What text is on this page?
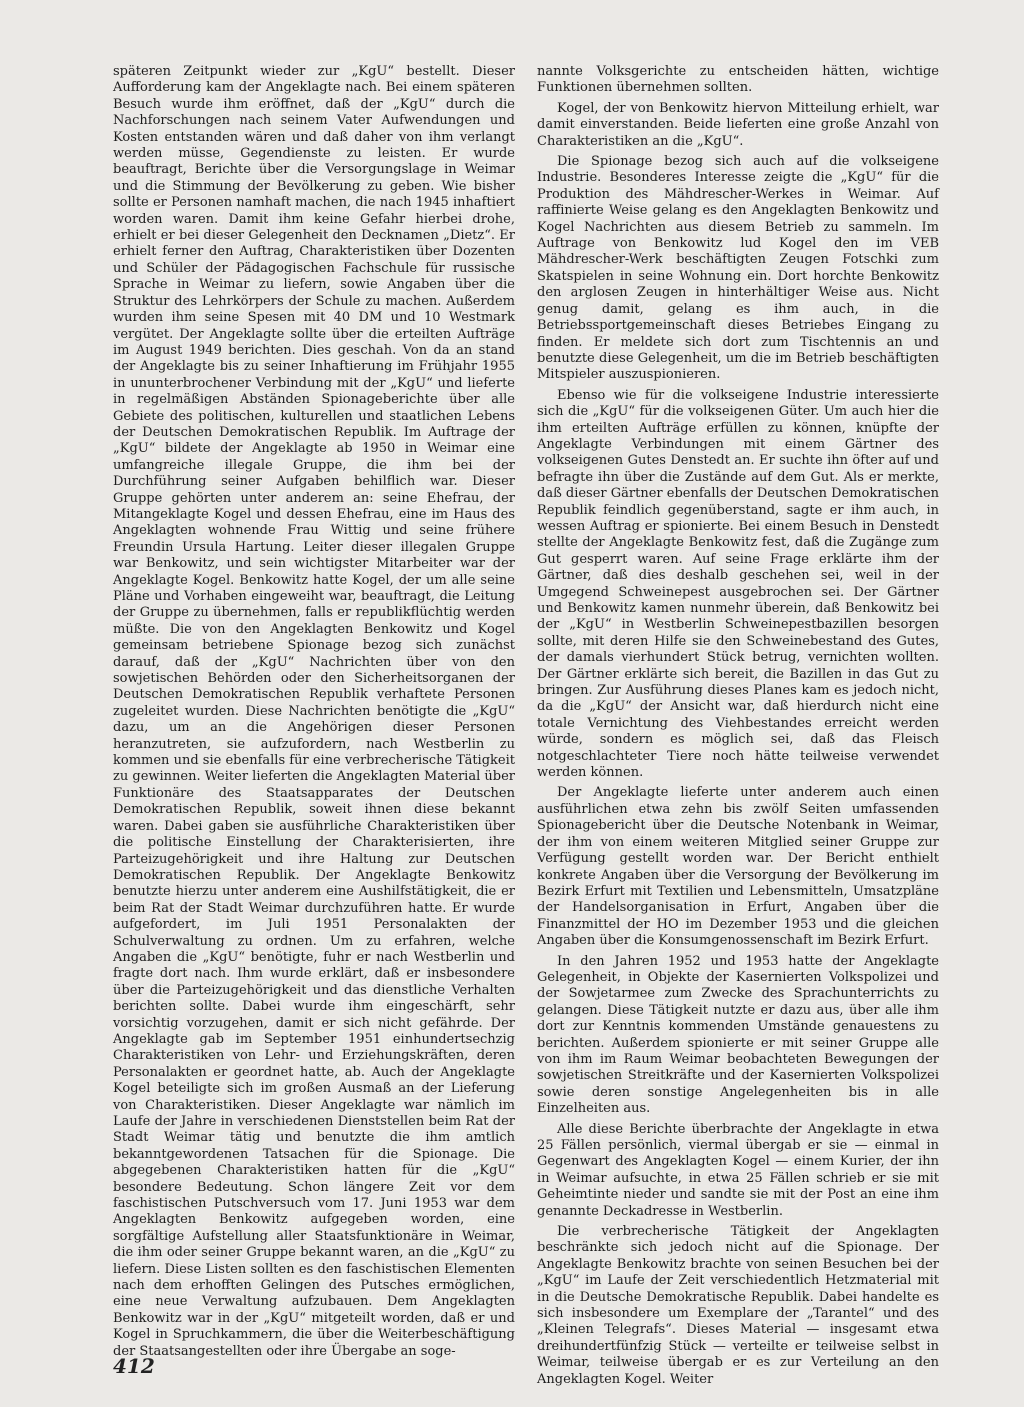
späteren Zeitpunkt wieder zur „KgU“ bestellt. Dieser Aufforderung kam der Angeklagte nach. Bei einem späteren Besuch wurde ihm eröffnet, daß der „KgU“ durch die Nachforschungen nach seinem Vater Aufwendungen und Kosten entstanden wären und daß daher von ihm verlangt werden müsse, Gegendienste zu leisten. Er wurde beauftragt, Berichte über die Versorgungslage in Weimar und die Stimmung der Bevölkerung zu geben. Wie bisher sollte er Personen namhaft machen, die nach 1945 inhaftiert worden waren. Damit ihm keine Gefahr hierbei drohe, erhielt er bei dieser Gelegenheit den Decknamen „Dietz“. Er erhielt ferner den Auftrag, Charakteristiken über Dozenten und Schüler der Pädagogischen Fachschule für russische Sprache in Weimar zu liefern, sowie Angaben über die Struktur des Lehrkörpers der Schule zu machen. Außerdem wurden ihm seine Spesen mit 40 DM und 10 Westmark vergütet. Der Angeklagte sollte über die erteilten Aufträge im August 1949 berichten. Dies geschah. Von da an stand der Angeklagte bis zu seiner Inhaftierung im Frühjahr 1955 in ununterbrochener Verbindung mit der „KgU“ und lieferte in regelmäßigen Abständen Spionageberichte über alle Gebiete des politischen, kulturellen und staatlichen Lebens der Deutschen Demokratischen Republik. Im Auftrage der „KgU“ bildete der Angeklagte ab 1950 in Weimar eine umfangreiche illegale Gruppe, die ihm bei der Durchführung seiner Aufgaben behilflich war. Dieser Gruppe gehörten unter anderem an: seine Ehefrau, der Mitangeklagte Kogel und dessen Ehefrau, eine im Haus des Angeklagten wohnende Frau Wittig und seine frühere Freundin Ursula Hartung. Leiter dieser illegalen Gruppe war Benkowitz, und sein wichtigster Mitarbeiter war der Angeklagte Kogel. Benkowitz hatte Kogel, der um alle seine Pläne und Vorhaben eingeweiht war, beauftragt, die Leitung der Gruppe zu übernehmen, falls er republikflüchtig werden müßte. Die von den Angeklagten Benkowitz und Kogel gemeinsam betriebene Spionage bezog sich zunächst darauf, daß der „KgU“ Nachrichten über von den sowjetischen Behörden oder den Sicherheitsorganen der Deutschen Demokratischen Republik verhaftete Personen zugeleitet wurden. Diese Nachrichten benötigte die „KgU“ dazu, um an die Angehörigen dieser Personen heranzutreten, sie aufzufordern, nach Westberlin zu kommen und sie ebenfalls für eine verbrecherische Tätigkeit zu gewinnen. Weiter lieferten die Angeklagten Material über Funktionäre des Staatsapparates der Deutschen Demokratischen Republik, soweit ihnen diese bekannt waren. Dabei gaben sie ausführliche Charakteristiken über die politische Einstellung der Charakterisierten, ihre Parteizugehörigkeit und ihre Haltung zur Deutschen Demokratischen Republik. Der Angeklagte Benkowitz benutzte hierzu unter anderem eine Aushilfstätigkeit, die er beim Rat der Stadt Weimar durchzuführen hatte. Er wurde aufgefordert, im Juli 1951 Personalakten der Schulverwaltung zu ordnen. Um zu erfahren, welche Angaben die „KgU“ benötigte, fuhr er nach Westberlin und fragte dort nach. Ihm wurde erklärt, daß er insbesondere über die Parteizugehörigkeit und das dienstliche Verhalten berichten sollte. Dabei wurde ihm eingeschärft, sehr vorsichtig vorzugehen, damit er sich nicht gefährde. Der Angeklagte gab im September 1951 einhundertsechzig Charakteristiken von Lehr- und Erziehungskräften, deren Personalakten er geordnet hatte, ab. Auch der Angeklagte Kogel beteiligte sich im großen Ausmaß an der Lieferung von Charakteristiken. Dieser Angeklagte war nämlich im Laufe der Jahre in verschiedenen Dienststellen beim Rat der Stadt Weimar tätig und benutzte die ihm amtlich bekanntgewordenen Tatsachen für die Spionage. Die abgegebenen Charakteristiken hatten für die „KgU“ besondere Bedeutung. Schon längere Zeit vor dem faschistischen Putschversuch vom 17. Juni 1953 war dem Angeklagten Benkowitz aufgegeben worden, eine sorgfältige Aufstellung aller Staatsfunktionäre in Weimar, die ihm oder seiner Gruppe bekannt waren, an die „KgU“ zu liefern. Diese Listen sollten es den faschistischen Elementen nach dem erhofften Gelingen des Putsches ermöglichen, eine neue Verwaltung aufzubauen. Dem Angeklagten Benkowitz war in der „KgU“ mitgeteilt worden, daß er und Kogel in Spruchkammern, die über die Weiterbeschäftigung der Staatsangestellten oder ihre Übergabe an soge-

nannte Volksgerichte zu entscheiden hätten, wichtige Funktionen übernehmen sollten.

Kogel, der von Benkowitz hiervon Mitteilung erhielt, war damit einverstanden. Beide lieferten eine große Anzahl von Charakteristiken an die „KgU“.

Die Spionage bezog sich auch auf die volkseigene Industrie. Besonderes Interesse zeigte die „KgU“ für die Produktion des Mähdrescher-Werkes in Weimar. Auf raffinierte Weise gelang es den Angeklagten Benkowitz und Kogel Nachrichten aus diesem Betrieb zu sammeln. Im Auftrage von Benkowitz lud Kogel den im VEB Mähdrescher-Werk beschäftigten Zeugen Fotschki zum Skatspielen in seine Wohnung ein. Dort horchte Benkowitz den arglosen Zeugen in hinterhältiger Weise aus. Nicht genug damit, gelang es ihm auch, in die Betriebssportgemeinschaft dieses Betriebes Eingang zu finden. Er meldete sich dort zum Tischtennis an und benutzte diese Gelegenheit, um die im Betrieb beschäftigten Mitspieler auszuspionieren.

Ebenso wie für die volkseigene Industrie interessierte sich die „KgU“ für die volkseigenen Güter. Um auch hier die ihm erteilten Aufträge erfüllen zu können, knüpfte der Angeklagte Verbindungen mit einem Gärtner des volkseigenen Gutes Denstedt an. Er suchte ihn öfter auf und befragte ihn über die Zustände auf dem Gut. Als er merkte, daß dieser Gärtner ebenfalls der Deutschen Demokratischen Republik feindlich gegenüberstand, sagte er ihm auch, in wessen Auftrag er spionierte. Bei einem Besuch in Denstedt stellte der Angeklagte Benkowitz fest, daß die Zugänge zum Gut gesperrt waren. Auf seine Frage erklärte ihm der Gärtner, daß dies deshalb geschehen sei, weil in der Umgegend Schweinepest ausgebrochen sei. Der Gärtner und Benkowitz kamen nunmehr überein, daß Benkowitz bei der „KgU“ in Westberlin Schweinepestbazillen besorgen sollte, mit deren Hilfe sie den Schweinebestand des Gutes, der damals vierhundert Stück betrug, vernichten wollten. Der Gärtner erklärte sich bereit, die Bazillen in das Gut zu bringen. Zur Ausführung dieses Planes kam es jedoch nicht, da die „KgU“ der Ansicht war, daß hierdurch nicht eine totale Vernichtung des Viehbestandes erreicht werden würde, sondern es möglich sei, daß das Fleisch notgeschlachteter Tiere noch hätte teilweise verwendet werden können.

Der Angeklagte lieferte unter anderem auch einen ausführlichen etwa zehn bis zwölf Seiten umfassenden Spionagebericht über die Deutsche Notenbank in Weimar, der ihm von einem weiteren Mitglied seiner Gruppe zur Verfügung gestellt worden war. Der Bericht enthielt konkrete Angaben über die Versorgung der Bevölkerung im Bezirk Erfurt mit Textilien und Lebensmitteln, Umsatzpläne der Handelsorganisation in Erfurt, Angaben über die Finanzmittel der HO im Dezember 1953 und die gleichen Angaben über die Konsumgenossenschaft im Bezirk Erfurt.

In den Jahren 1952 und 1953 hatte der Angeklagte Gelegenheit, in Objekte der Kasernierten Volkspolizei und der Sowjetarmee zum Zwecke des Sprachunterrichts zu gelangen. Diese Tätigkeit nutzte er dazu aus, über alle ihm dort zur Kenntnis kommenden Umstände genauestens zu berichten. Außerdem spionierte er mit seiner Gruppe alle von ihm im Raum Weimar beobachteten Bewegungen der sowjetischen Streitkräfte und der Kasernierten Volkspolizei sowie deren sonstige Angelegenheiten bis in alle Einzelheiten aus.

Alle diese Berichte überbrachte der Angeklagte in etwa 25 Fällen persönlich, viermal übergab er sie — einmal in Gegenwart des Angeklagten Kogel — einem Kurier, der ihn in Weimar aufsuchte, in etwa 25 Fällen schrieb er sie mit Geheimtinte nieder und sandte sie mit der Post an eine ihm genannte Deckadresse in Westberlin.

Die verbrecherische Tätigkeit der Angeklagten beschränkte sich jedoch nicht auf die Spionage. Der Angeklagte Benkowitz brachte von seinen Besuchen bei der „KgU“ im Laufe der Zeit verschiedentlich Hetzmaterial mit in die Deutsche Demokratische Republik. Dabei handelte es sich insbesondere um Exemplare der „Tarantel“ und des „Kleinen Telegrafs“. Dieses Material — insgesamt etwa dreihundertfünfzig Stück — verteilte er teilweise selbst in Weimar, teilweise übergab er es zur Verteilung an den Angeklagten Kogel. Weiter

412
